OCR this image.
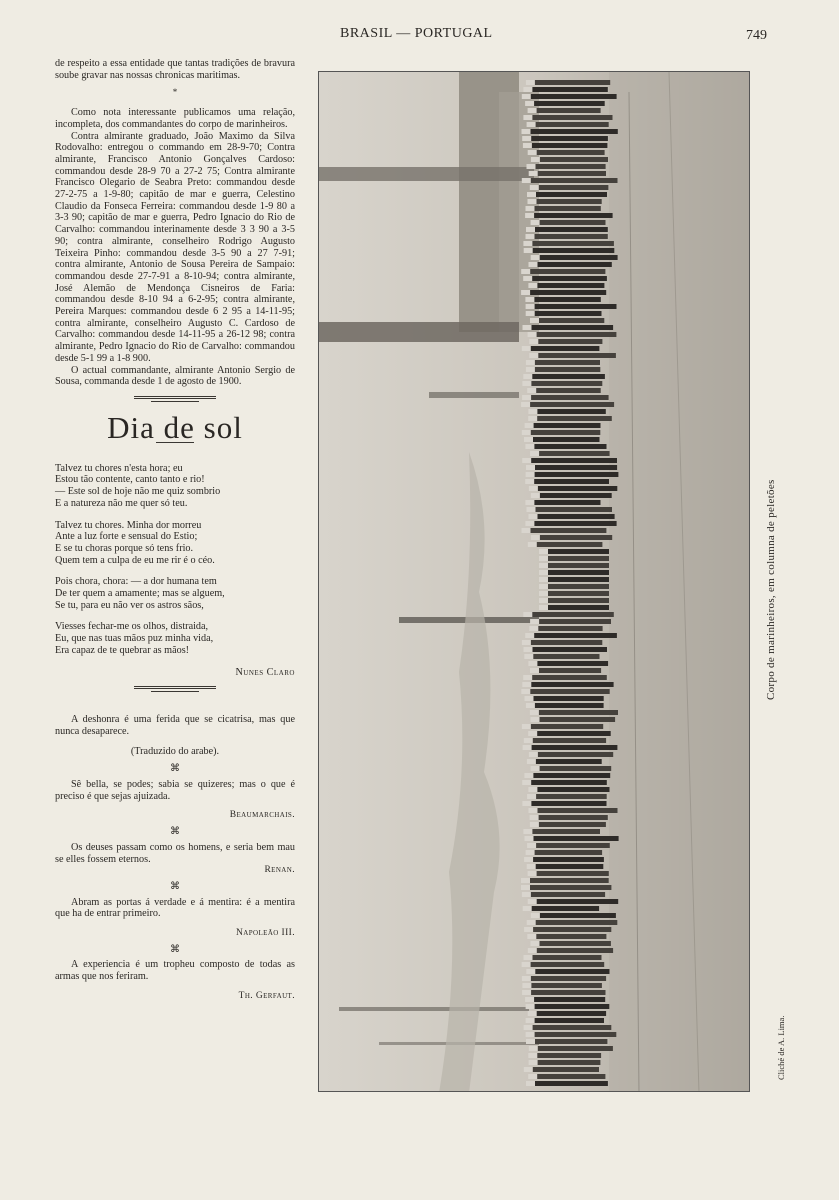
BRASIL — PORTUGAL	749

de respeito a essa entidade que tantas tradições de bravura soube gravar nas nossas chronicas maritimas.

*

Como nota interessante publicamos uma relação, incompleta, dos commandantes do corpo de marinheiros.

Contra almirante graduado, João Maximo da Silva Rodovalho: entregou o commando em 28-9-70; Contra almirante, Francisco Antonio Gonçalves Cardoso: commandou desde 28-9 70 a 27-2 75; Contra almirante Francisco Olegario de Seabra Preto: commandou desde 27-2-75 a 1-9-80; capitão de mar e guerra, Celestino Claudio da Fonseca Ferreira: commandou desde 1-9 80 a 3-3 90; capitão de mar e guerra, Pedro Ignacio do Rio de Carvalho: commandou interinamente desde 3 3 90 a 3-5 90; contra almirante, conselheiro Rodrigo Augusto Teixeira Pinho: commandou desde 3-5 90 a 27 7-91; contra almirante, Antonio de Sousa Pereira de Sampaio: commandou desde 27-7-91 a 8-10-94; contra almirante, José Alemão de Mendonça Cisneiros de Faria: commandou desde 8-10 94 a 6-2-95; contra almirante, Pereira Marques: commandou desde 6 2 95 a 14-11-95; contra almirante, conselheiro Augusto C. Cardoso de Carvalho: commandou desde 14-11-95 a 26-12 98; contra almirante, Pedro Ignacio do Rio de Carvalho: commandou desde 5-1 99 a 1-8 900.

O actual commandante, almirante Antonio Sergio de Sousa, commanda desde 1 de agosto de 1900.

Dia de sol
Talvez tu chores n'esta hora; eu
Estou tão contente, canto tanto e rio!
— Este sol de hoje não me quiz sombrio
E a natureza não me quer só teu.
Talvez tu chores. Minha dor morreu
Ante a luz forte e sensual do Estio;
E se tu choras porque só tens frio.
Quem tem a culpa de eu me rir é o céo.
Pois chora, chora: — a dor humana tem
De ter quem a amamente; mas se alguem,
Se tu, para eu não ver os astros sãos,
Viesses fechar-me os olhos, distraida,
Eu, que nas tuas mãos puz minha vida,
Era capaz de te quebrar as mãos!
Nunes Claro

A deshonra é uma ferida que se cicatrisa, mas que nunca desaparece.

(Traduzido do arabe).

⌘

Sê bella, se podes; sabia se quizeres; mas o que é preciso é que sejas ajuizada.

Beaumarchais.

⌘

Os deuses passam como os homens, e seria bem mau se elles fossem eternos.

Renan.

⌘

Abram as portas á verdade e á mentira: é a mentira que ha de entrar primeiro.

Napoleão III.

⌘

A experiencia é um tropheu composto de todas as armas que nos feriram.

Th. Gerfaut.

Corpo de marinheiros, em columna de peletões
Cliché de A. Lima.
